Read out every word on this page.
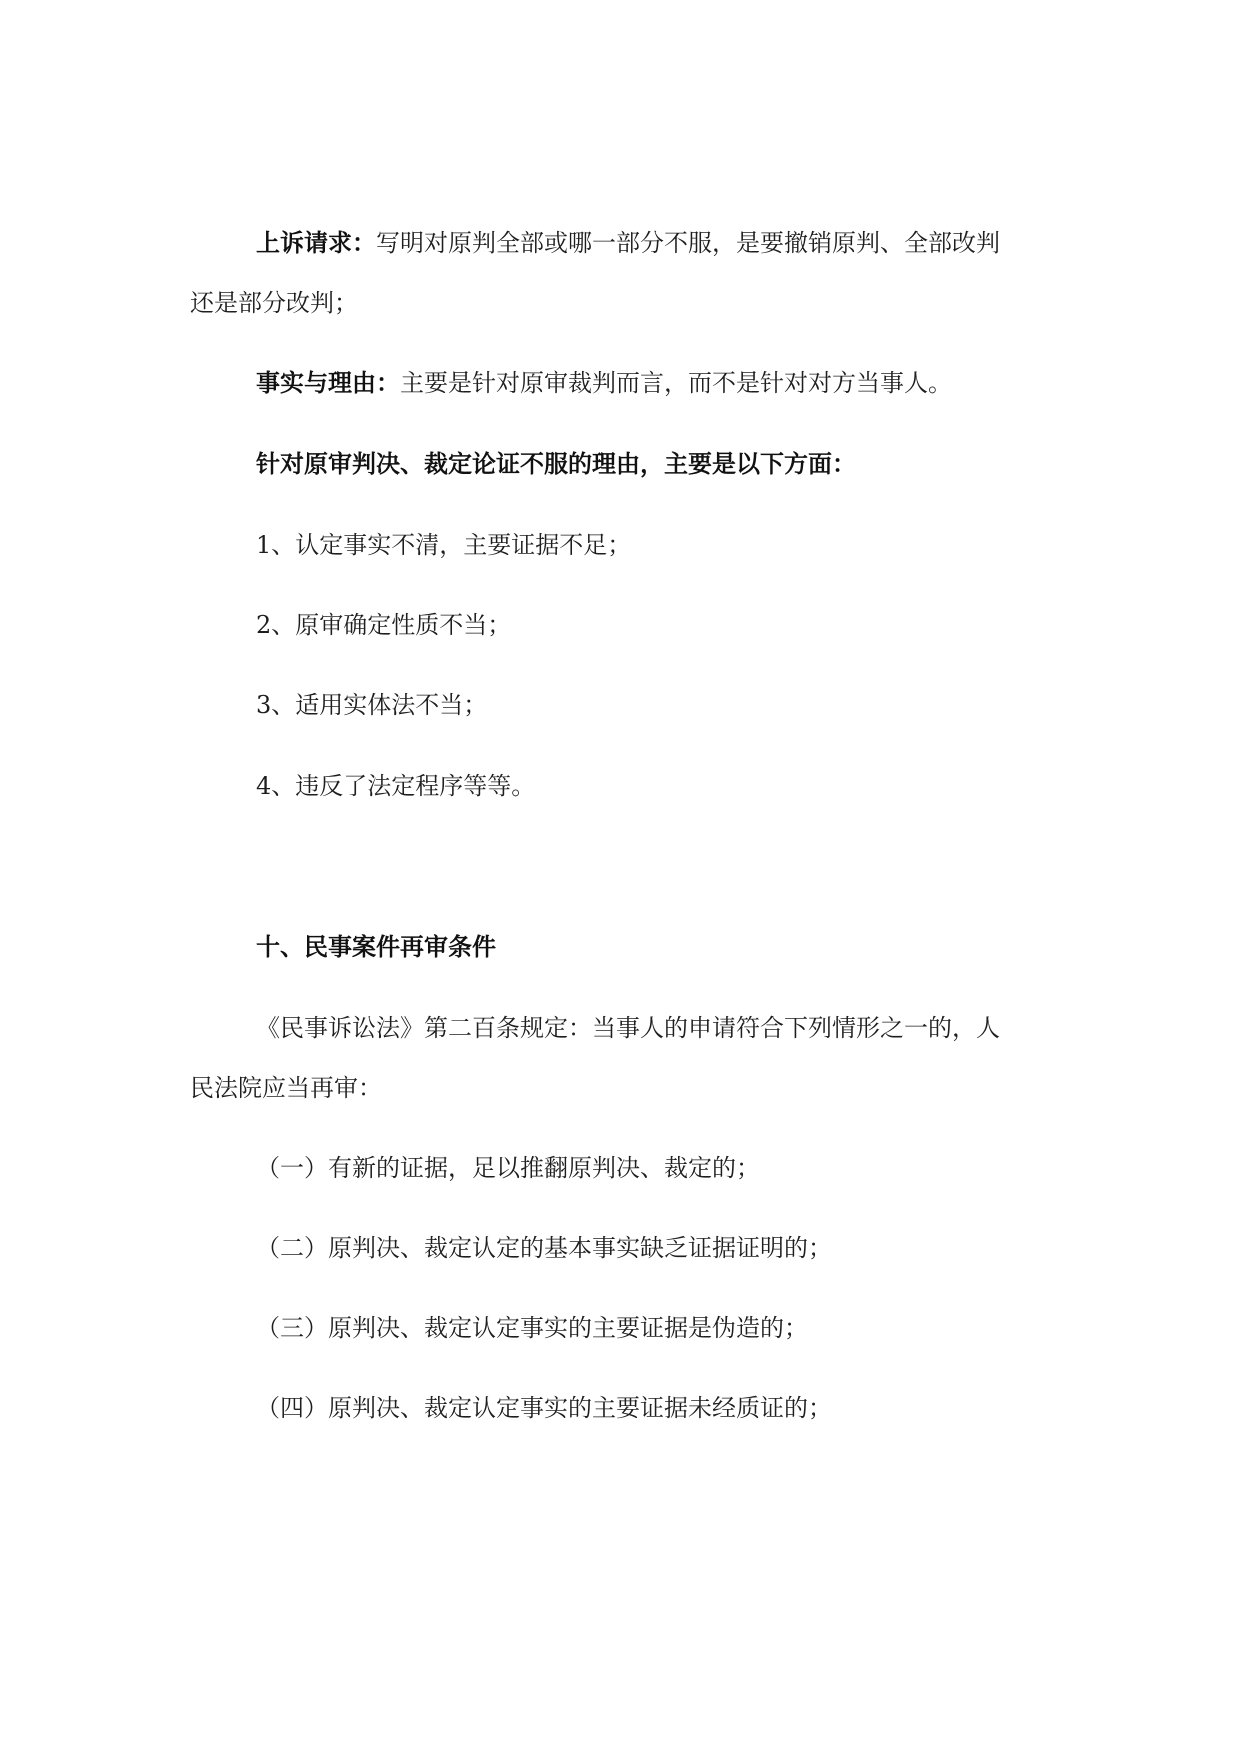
上诉请求：写明对原判全部或哪一部分不服，是要撤销原判、全部改判

还是部分改判；

事实与理由：主要是针对原审裁判而言，而不是针对对方当事人。

针对原审判决、裁定论证不服的理由，主要是以下方面：

1、认定事实不清，主要证据不足；

2、原审确定性质不当；

3、适用实体法不当；

4、违反了法定程序等等。

十、民事案件再审条件

《民事诉讼法》第二百条规定：当事人的申请符合下列情形之一的，人

民法院应当再审：

（一）有新的证据，足以推翻原判决、裁定的；

（二）原判决、裁定认定的基本事实缺乏证据证明的；

（三）原判决、裁定认定事实的主要证据是伪造的；

（四）原判决、裁定认定事实的主要证据未经质证的；
